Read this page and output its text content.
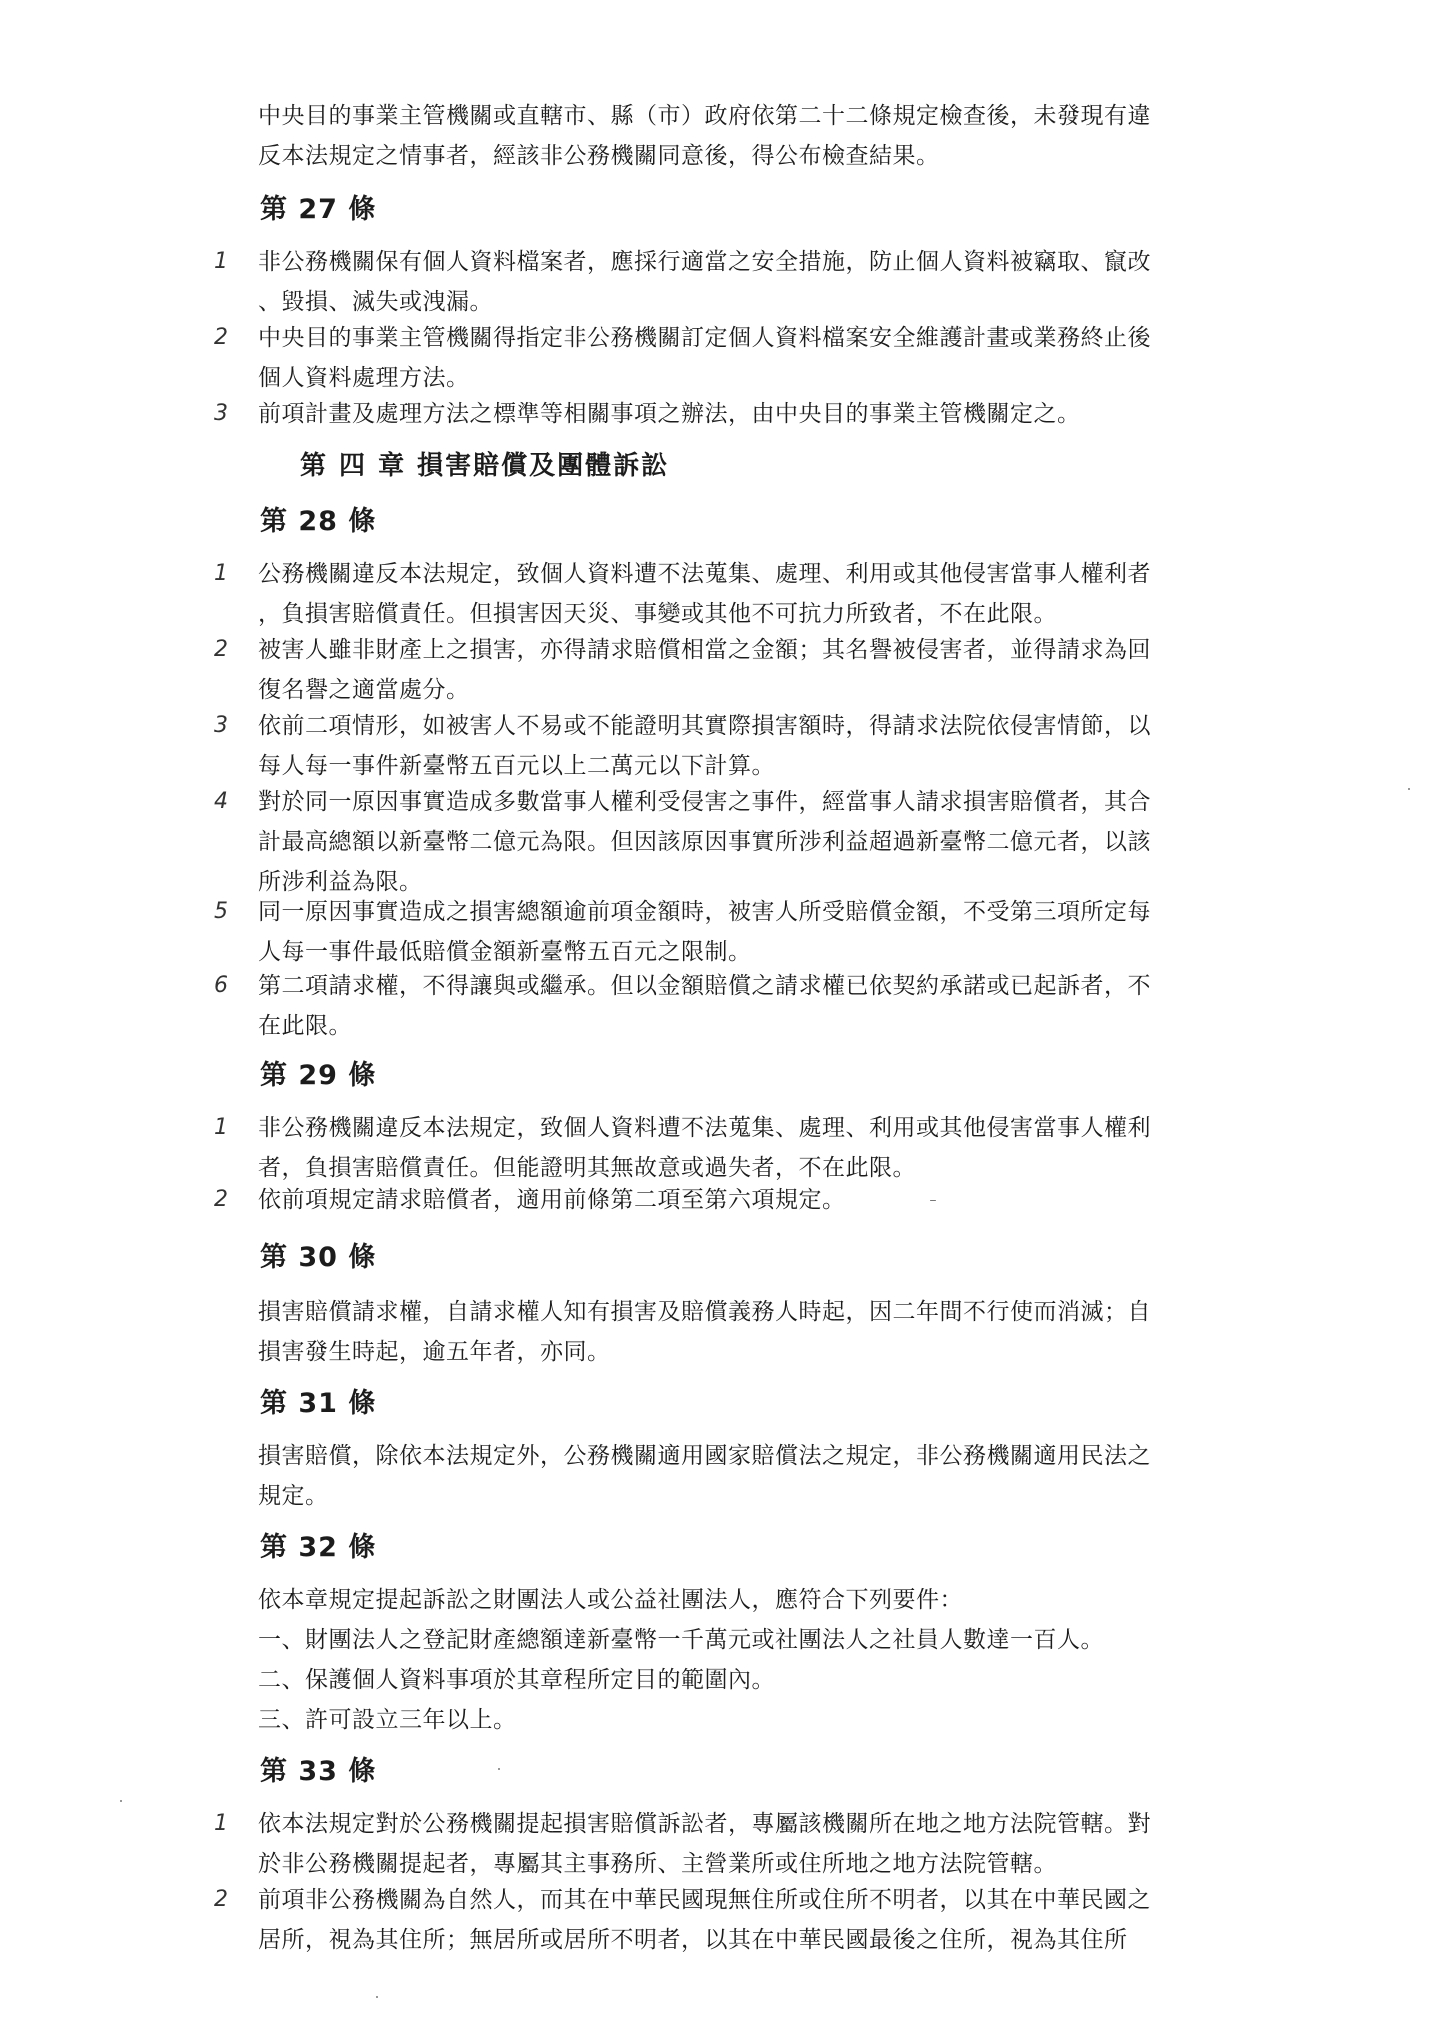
中央目的事業主管機關或直轄市、縣（市）政府依第二十二條規定檢查後，未發現有違
反本法規定之情事者，經該非公務機關同意後，得公布檢查結果。

第 27 條
1 非公務機關保有個人資料檔案者，應採行適當之安全措施，防止個人資料被竊取、竄改
、毀損、滅失或洩漏。

2 中央目的事業主管機關得指定非公務機關訂定個人資料檔案安全維護計畫或業務終止後
個人資料處理方法。

3 前項計畫及處理方法之標準等相關事項之辦法，由中央目的事業主管機關定之。

第 四 章 損害賠償及團體訴訟
第 28 條
1 公務機關違反本法規定，致個人資料遭不法蒐集、處理、利用或其他侵害當事人權利者
，負損害賠償責任。但損害因天災、事變或其他不可抗力所致者，不在此限。

2 被害人雖非財產上之損害，亦得請求賠償相當之金額；其名譽被侵害者，並得請求為回
復名譽之適當處分。

3 依前二項情形，如被害人不易或不能證明其實際損害額時，得請求法院依侵害情節，以
每人每一事件新臺幣五百元以上二萬元以下計算。

4 對於同一原因事實造成多數當事人權利受侵害之事件，經當事人請求損害賠償者，其合
計最高總額以新臺幣二億元為限。但因該原因事實所涉利益超過新臺幣二億元者，以該
所涉利益為限。

5 同一原因事實造成之損害總額逾前項金額時，被害人所受賠償金額，不受第三項所定每
人每一事件最低賠償金額新臺幣五百元之限制。

6 第二項請求權，不得讓與或繼承。但以金額賠償之請求權已依契約承諾或已起訴者，不
在此限。

第 29 條
1 非公務機關違反本法規定，致個人資料遭不法蒐集、處理、利用或其他侵害當事人權利
者，負損害賠償責任。但能證明其無故意或過失者，不在此限。

2 依前項規定請求賠償者，適用前條第二項至第六項規定。

第 30 條

損害賠償請求權，自請求權人知有損害及賠償義務人時起，因二年間不行使而消滅；自
損害發生時起，逾五年者，亦同。

第 31 條

損害賠償，除依本法規定外，公務機關適用國家賠償法之規定，非公務機關適用民法之
規定。

第 32 條

依本章規定提起訴訟之財團法人或公益社團法人，應符合下列要件：
一、財團法人之登記財產總額達新臺幣一千萬元或社團法人之社員人數達一百人。
二、保護個人資料事項於其章程所定目的範圍內。
三、許可設立三年以上。

第 33 條
1 依本法規定對於公務機關提起損害賠償訴訟者，專屬該機關所在地之地方法院管轄。對
於非公務機關提起者，專屬其主事務所、主營業所或住所地之地方法院管轄。

2 前項非公務機關為自然人，而其在中華民國現無住所或住所不明者，以其在中華民國之
居所，視為其住所；無居所或居所不明者，以其在中華民國最後之住所，視為其住所
